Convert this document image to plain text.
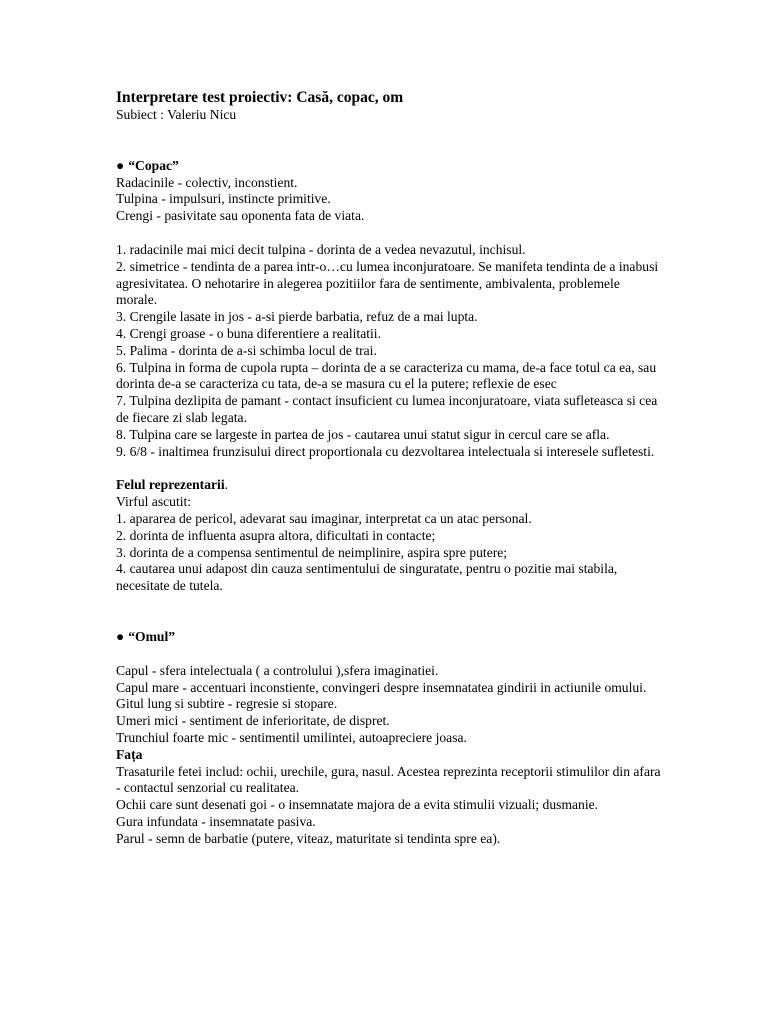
Interpretare test proiectiv: Casă, copac, om

Subiect : Valeriu Nicu

● “Copac”

Radacinile - colectiv, inconstient.

Tulpina - impulsuri, instincte primitive.

Crengi - pasivitate sau oponenta fata de viata.

1. radacinile mai mici decit tulpina - dorinta de a vedea nevazutul, inchisul.
2. simetrice - tendinta de a parea intr-o…cu lumea inconjuratoare. Se manifeta tendinta de a inabusi agresivitatea. O nehotarire in alegerea pozitiilor fara de sentimente, ambivalenta, problemele morale.
3. Crengile lasate in jos - a-si pierde barbatia, refuz de a mai lupta.
4. Crengi groase - o buna diferentiere a realitatii.
5. Palima - dorinta de a-si schimba locul de trai.
6. Tulpina in forma de cupola rupta – dorinta de a se caracteriza cu mama, de-a face totul ca ea, sau dorinta de-a se caracteriza cu tata, de-a se masura cu el la putere; reflexie de esec
7. Tulpina dezlipita de pamant - contact insuficient cu lumea inconjuratoare, viata sufleteasca si cea de fiecare zi slab legata.
8. Tulpina care se largeste in partea de jos - cautarea unui statut sigur in cercul care se afla.
9. 6/8 - inaltimea frunzisului direct proportionala cu dezvoltarea intelectuala si interesele sufletesti.

Felul reprezentarii.

Virful ascutit:

1. apararea de pericol, adevarat sau imaginar, interpretat ca un atac personal.
2. dorinta de influenta asupra altora, dificultati in contacte;
3. dorinta de a compensa sentimentul de neimplinire, aspira spre putere;
4. cautarea unui adapost din cauza sentimentului de singuratate, pentru o pozitie mai stabila, necesitate de tutela.

● “Omul”

Capul - sfera intelectuala ( a controlului ),sfera imaginatiei.

Capul mare - accentuari inconstiente, convingeri despre insemnatatea gindirii in actiunile omului.

Gitul lung si subtire - regresie si stopare.

Umeri mici - sentiment de inferioritate, de dispret.

Trunchiul foarte mic - sentimentil umilintei, autoapreciere joasa.

Fața

Trasaturile fetei includ: ochii, urechile, gura, nasul. Acestea reprezinta receptorii stimulilor din afara - contactul senzorial cu realitatea.

Ochii care sunt desenati goi - o insemnatate majora de a evita stimulii vizuali; dusmanie.

Gura infundata - insemnatate pasiva.

Parul - semn de barbatie (putere, viteaz, maturitate si tendinta spre ea).
